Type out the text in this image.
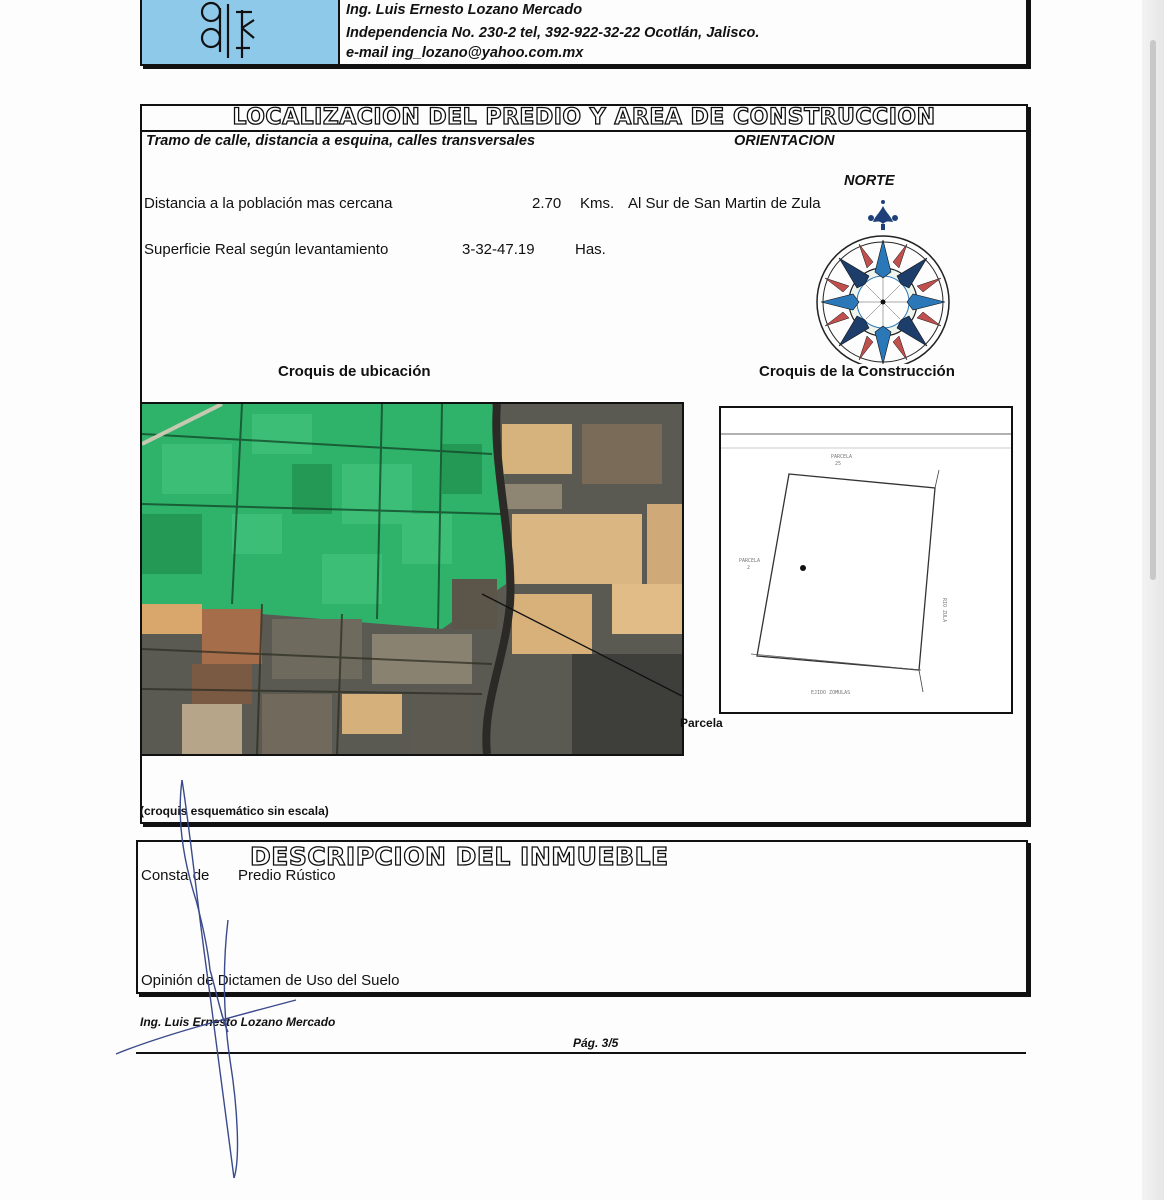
Ing. Luis Ernesto Lozano Mercado
Independencia No. 230-2 tel, 392-922-32-22 Ocotlán, Jalisco.
e-mail ing_lozano@yahoo.com.mx
LOCALIZACION DEL PREDIO Y AREA DE CONSTRUCCION
Tramo de calle, distancia a esquina, calles transversales	ORIENTACION
NORTE
Distancia a la población mas cercana	2.70 Kms. Al Sur de San Martin de Zula
Superficie Real según levantamiento	3-32-47.19	Has.
Croquis de ubicación	Croquis de la Construcción
Parcela
PARCELA
25
PARCELA
2
EJIDO ZOMULAS
RIO ZULA
(croquis esquemático sin escala)
DESCRIPCION DEL INMUEBLE
Consta de Predio Rústico
Opinión de Dictamen de Uso del Suelo
Ing. Luis Ernesto Lozano Mercado
Pág. 3/5
